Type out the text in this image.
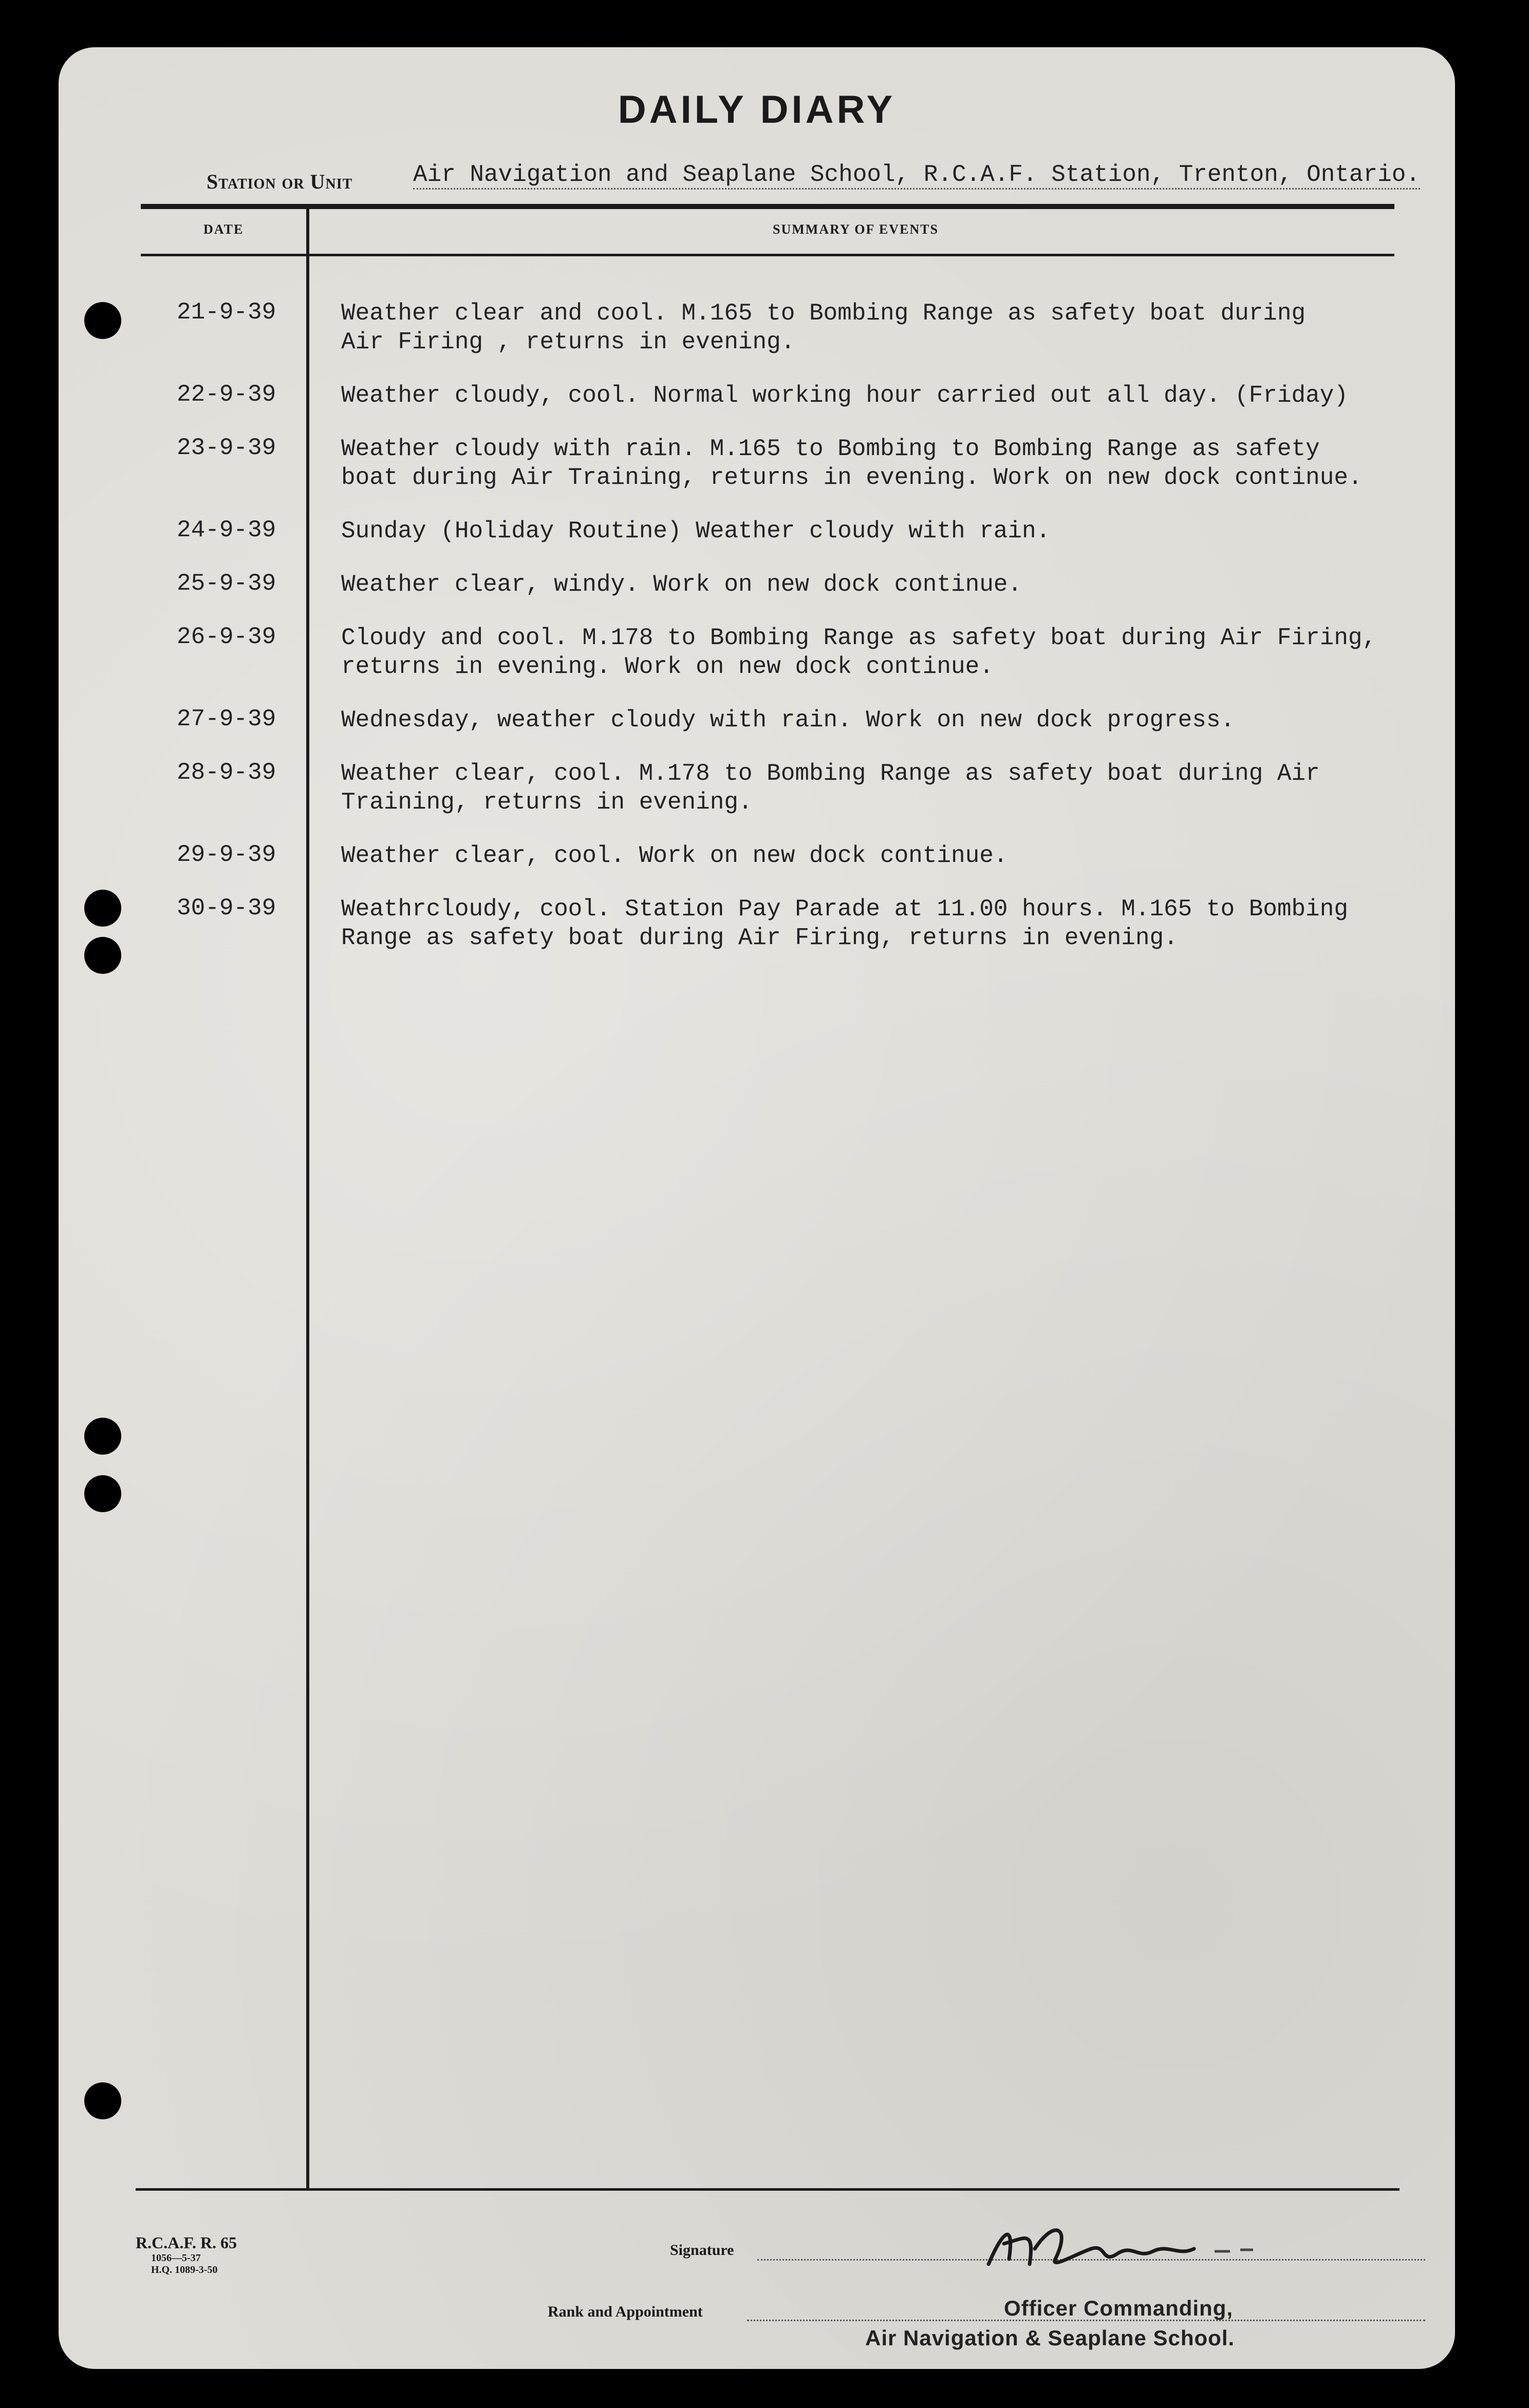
DAILY DIARY
Station or Unit	Air Navigation and Seaplane School, R.C.A.F. Station, Trenton, Ontario.
DATE	SUMMARY OF EVENTS
21-9-39	Weather clear and cool. M.165 to Bombing Range as safety boat during
Air Firing , returns in evening.
22-9-39	Weather cloudy, cool. Normal working hour carried out all day. (Friday)
23-9-39	Weather cloudy with rain. M.165 to Bombing to Bombing Range as safety
boat during Air Training, returns in evening. Work on new dock continue.
24-9-39	Sunday (Holiday Routine) Weather cloudy with rain.
25-9-39	Weather clear, windy. Work on new dock continue.
26-9-39	Cloudy and cool. M.178 to Bombing Range as safety boat during Air Firing,
returns in evening. Work on new dock continue.
27-9-39	Wednesday, weather cloudy with rain. Work on new dock progress.
28-9-39	Weather clear, cool. M.178 to Bombing Range as safety boat during Air
Training, returns in evening.
29-9-39	Weather clear, cool. Work on new dock continue.
30-9-39	Weathrcloudy, cool. Station Pay Parade at 11.00 hours. M.165 to Bombing
Range as safety boat during Air Firing, returns in evening.
R.C.A.F. R. 65
1056—5-37
H.Q. 1089-3-50
Signature
Rank and Appointment	Officer Commanding,
Air Navigation & Seaplane School.
